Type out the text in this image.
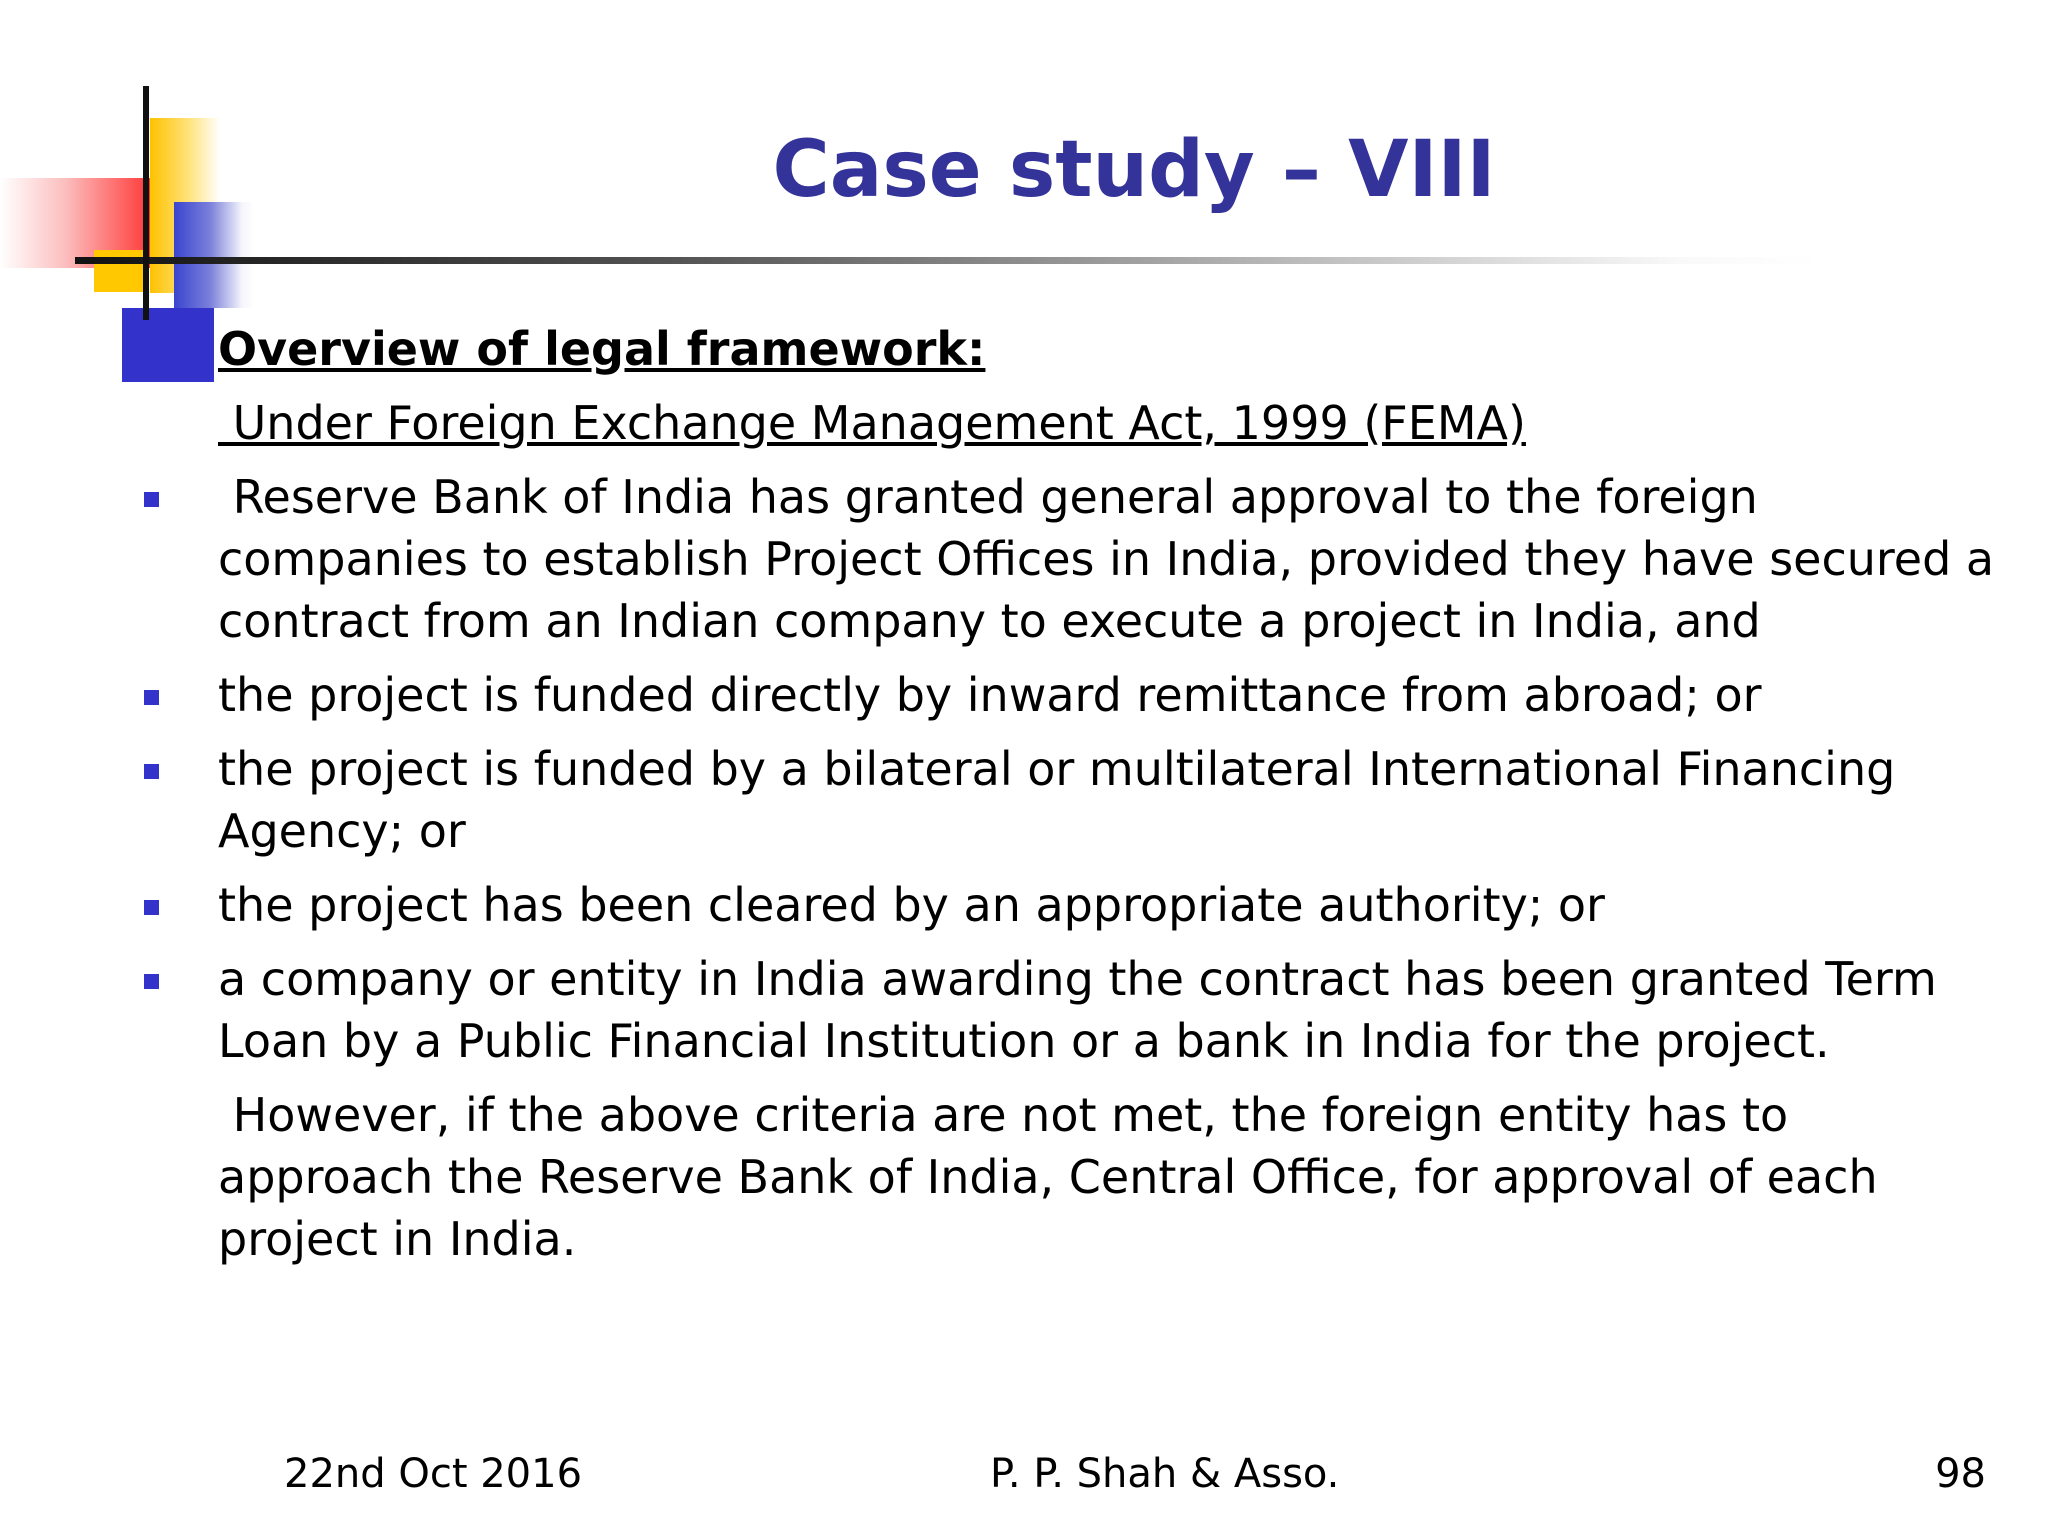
Case study – VIII
Overview of legal framework:
Under Foreign Exchange Management Act, 1999 (FEMA)
Reserve Bank of India has granted general approval to the foreign companies to establish Project Offices in India, provided they have secured a contract from an Indian company to execute a project in India, and
the project is funded directly by inward remittance from abroad; or
the project is funded by a bilateral or multilateral International Financing Agency; or
the project has been cleared by an appropriate authority; or
a company or entity in India awarding the contract has been granted Term Loan by a Public Financial Institution or a bank in India for the project.

However, if the above criteria are not met, the foreign entity has to approach the Reserve Bank of India, Central Office, for approval of each project in India.

22nd Oct 2016	P. P. Shah & Asso.	98
